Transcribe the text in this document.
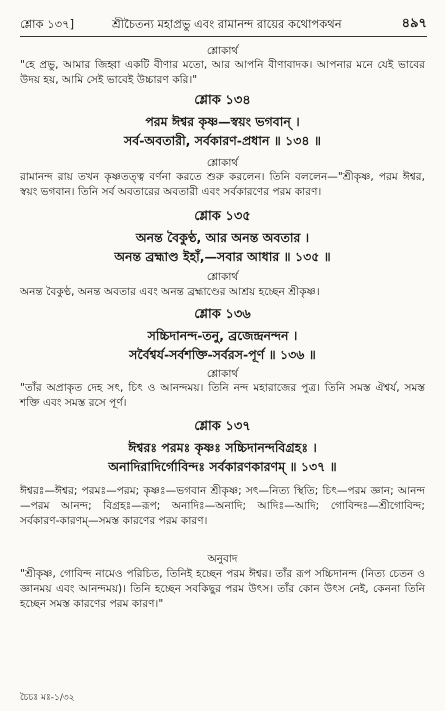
শ্লোক ১৩৭]	শ্রীচৈতন্য মহাপ্রভু এবং রামানন্দ রায়ের কথোপকথন	৪৯৭
শ্লোকার্থ
"হে প্রভু, আমার জিহ্বা একটি বীণার মতো, আর আপনি বীণাবাদক। আপনার মনে যেই ভাবের উদয় হয়, আমি সেই ভাবেই উচ্চারণ করি।"
শ্লোক ১৩৪
পরম ঈশ্বর কৃষ্ণ—স্বয়ং ভগবান্ ।
সর্ব-অবতারী, সর্বকারণ-প্রধান ॥ ১৩৪ ॥
শ্লোকার্থ
রামানন্দ রায় তখন কৃষ্ণতত্ত্ব বর্ণনা করতে শুরু করলেন। তিনি বললেন—"শ্রীকৃষ্ণ, পরম ঈশ্বর, স্বয়ং ভগবান। তিনি সর্ব অবতারের অবতারী এবং সর্বকারণের পরম কারণ।
শ্লোক ১৩৫
অনন্ত বৈকুণ্ঠ, আর অনন্ত অবতার ।
অনন্ত ব্রহ্মাণ্ড ইহাঁ,—সবার আধার ॥ ১৩৫ ॥
শ্লোকার্থ
অনন্ত বৈকুণ্ঠ, অনন্ত অবতার এবং অনন্ত ব্রহ্মাণ্ডের আশ্রয় হচ্ছেন শ্রীকৃষ্ণ।
শ্লোক ১৩৬
সচ্চিদানন্দ-তনু, ব্রজেন্দ্রনন্দন ।
সর্বৈশ্বর্য-সর্বশক্তি-সর্বরস-পূর্ণ ॥ ১৩৬ ॥
শ্লোকার্থ
"তাঁর অপ্রাকৃত দেহ সৎ, চিৎ ও আনন্দময়। তিনি নন্দ মহারাজের পুত্র। তিনি সমস্ত ঐশ্বর্য, সমস্ত শক্তি এবং সমস্ত রসে পূর্ণ।
শ্লোক ১৩৭
ঈশ্বরঃ পরমঃ কৃষ্ণঃ সচ্চিদানন্দবিগ্রহঃ ।
অনাদিরাদির্গোবিন্দঃ সর্বকারণকারণম্ ॥ ১৩৭ ॥
ঈশ্বরঃ—ঈশ্বর; পরমঃ—পরম; কৃষ্ণঃ—ভগবান শ্রীকৃষ্ণ; সৎ—নিত্য স্থিতি; চিৎ—পরম জ্ঞান; আনন্দ—পরম আনন্দ; বিগ্রহঃ—রূপ; অনাদিঃ—অনাদি; আদিঃ—আদি; গোবিন্দঃ—শ্রীগোবিন্দ; সর্বকারণ-কারণম্—সমস্ত কারণের পরম কারণ।
অনুবাদ
"শ্রীকৃষ্ণ, গোবিন্দ নামেও পরিচিত, তিনিই হচ্ছেন পরম ঈশ্বর। তাঁর রূপ সচ্চিদানন্দ (নিত্য চেতন ও জ্ঞানময় এবং আনন্দময়)। তিনি হচ্ছেন সবকিছুর পরম উৎস। তাঁর কোন উৎস নেই, কেননা তিনি হচ্ছেন সমস্ত কারণের পরম কারণ।"
চৈচঃ মঃ-১/৩২
